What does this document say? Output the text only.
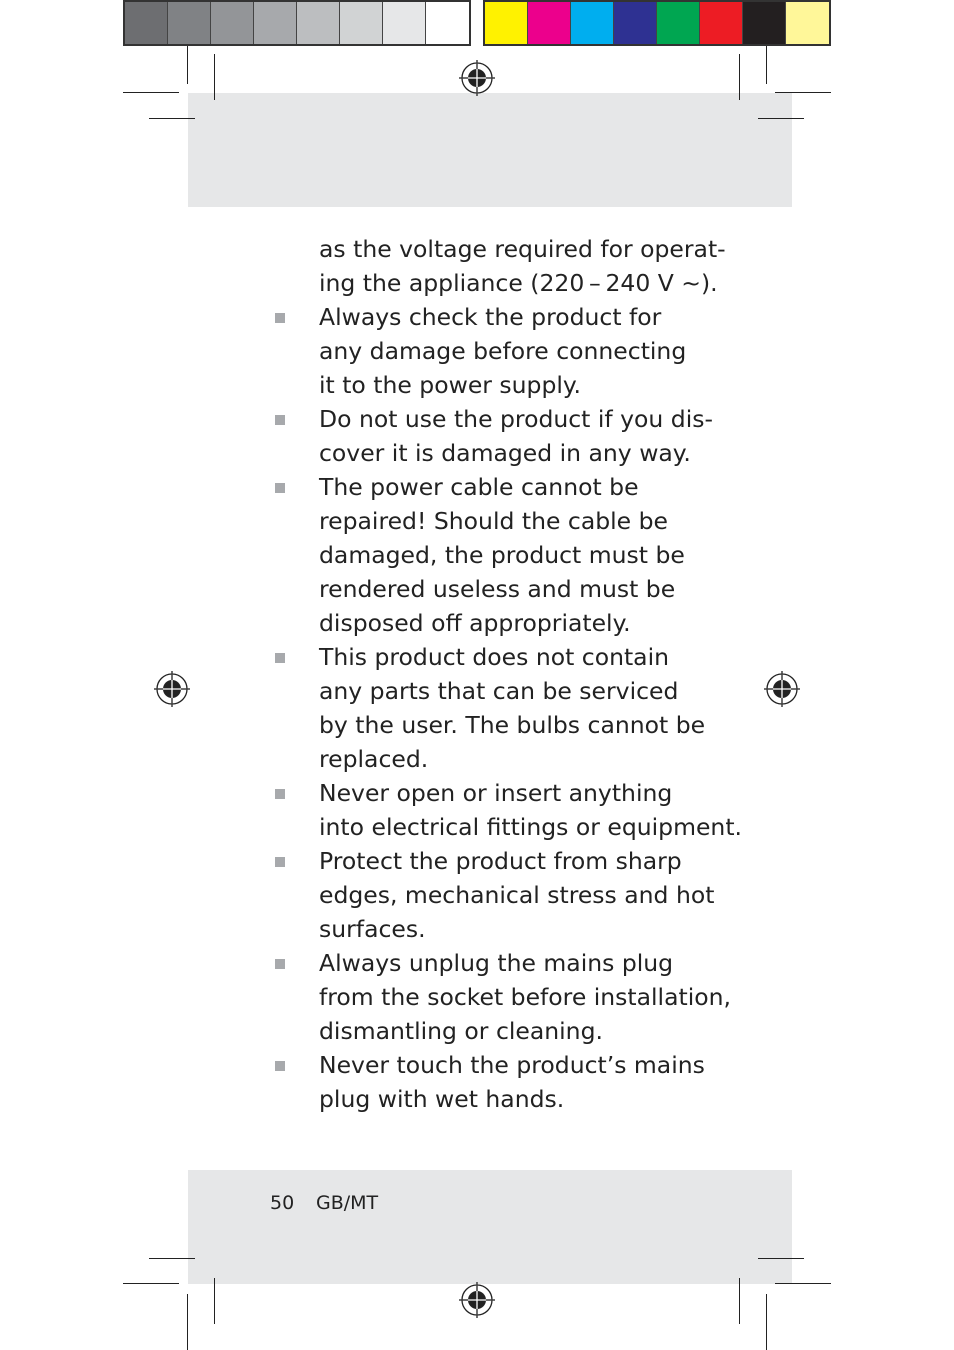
as the voltage required for operat-
ing the appliance (220 – 240 V ~).

Always check the product for
any damage before connecting
it to the power supply.

Do not use the product if you dis-
cover it is damaged in any way.

The power cable cannot be
repaired! Should the cable be
damaged, the product must be
rendered useless and must be
disposed off appropriately.

This product does not contain
any parts that can be serviced
by the user. The bulbs cannot be
replaced.

Never open or insert anything
into electrical fittings or equipment.

Protect the product from sharp
edges, mechanical stress and hot
surfaces.

Always unplug the mains plug
from the socket before installation,
dismantling or cleaning.

Never touch the product’s mains
plug with wet hands.

50 GB/MT
